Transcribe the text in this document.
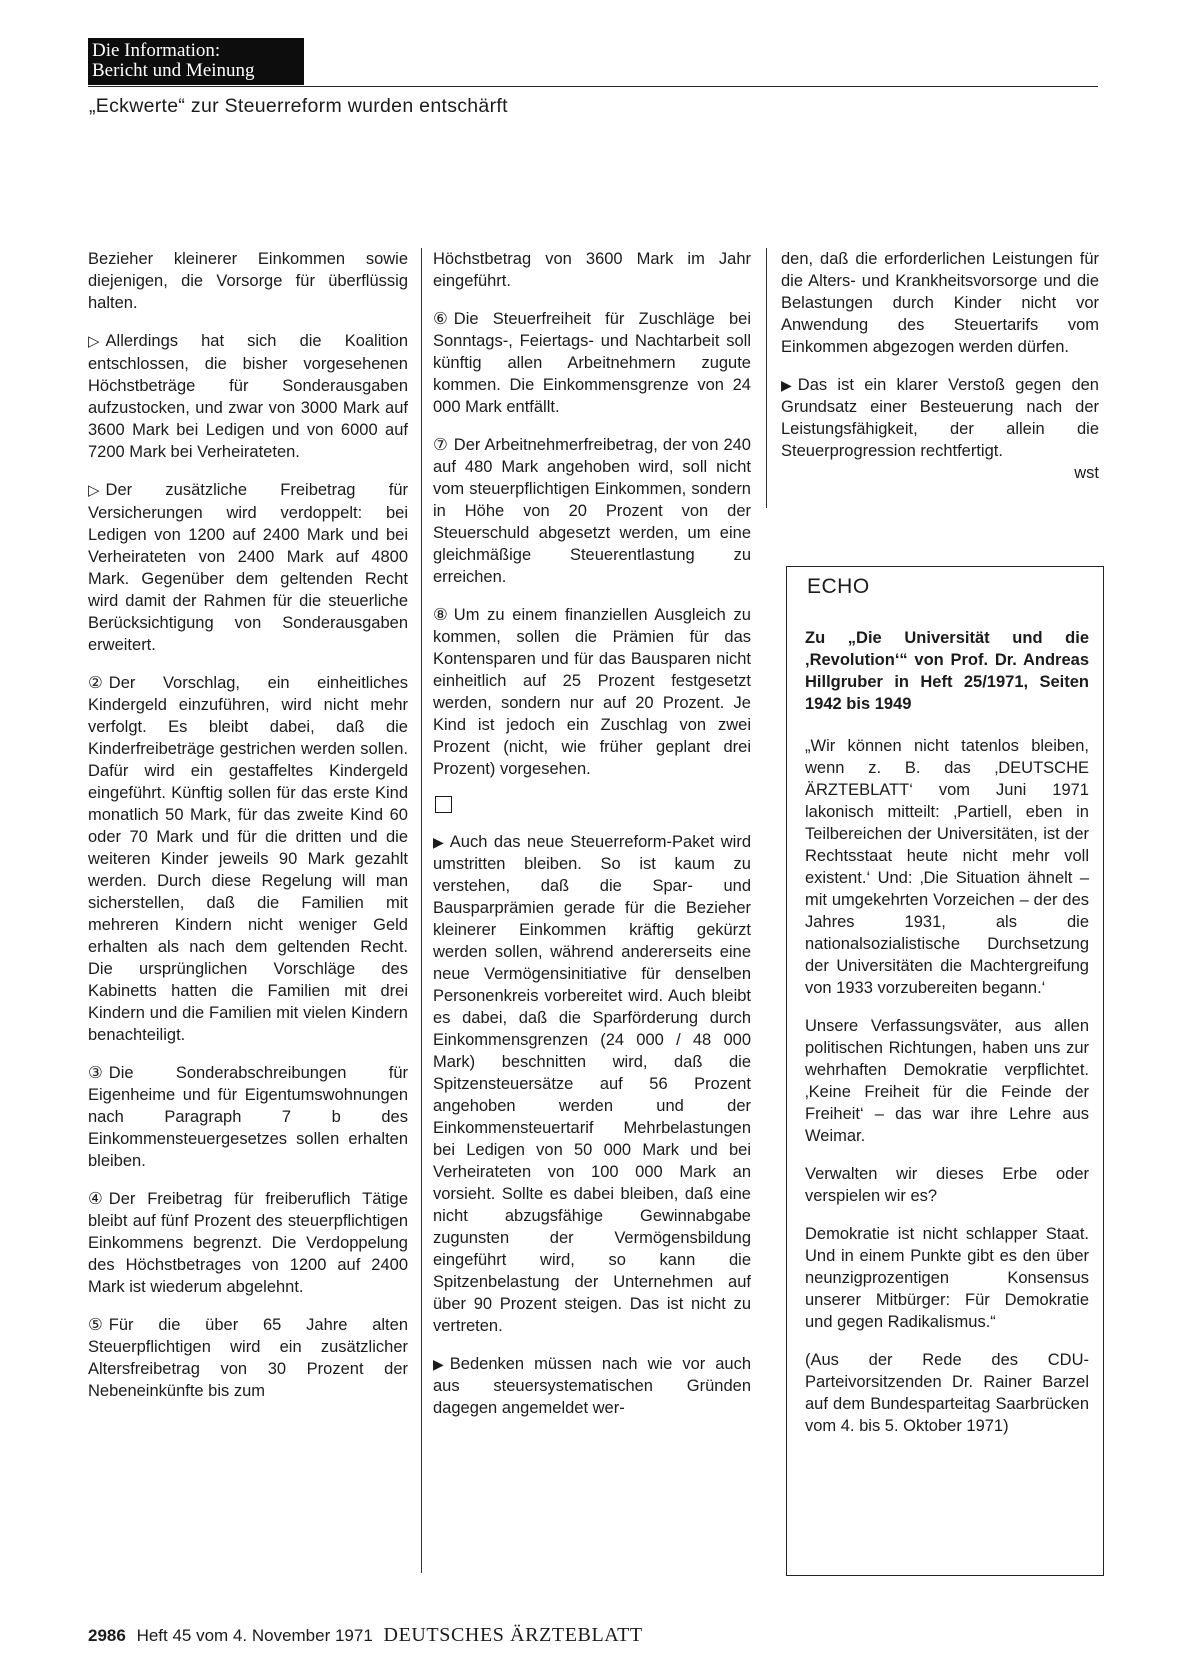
Die Information:
Bericht und Meinung
„Eckwerte“ zur Steuerreform wurden entschärft

Bezieher kleinerer Einkommen sowie diejenigen, die Vorsorge für überflüssig halten.

▷ Allerdings hat sich die Koalition entschlossen, die bisher vorgesehenen Höchstbeträge für Sonderausgaben aufzustocken, und zwar von 3000 Mark auf 3600 Mark bei Ledigen und von 6000 auf 7200 Mark bei Verheirateten.

▷ Der zusätzliche Freibetrag für Versicherungen wird verdoppelt: bei Ledigen von 1200 auf 2400 Mark und bei Verheirateten von 2400 Mark auf 4800 Mark. Gegenüber dem geltenden Recht wird damit der Rahmen für die steuerliche Berücksichtigung von Sonderausgaben erweitert.

② Der Vorschlag, ein einheitliches Kindergeld einzuführen, wird nicht mehr verfolgt. Es bleibt dabei, daß die Kinderfreibeträge gestrichen werden sollen. Dafür wird ein gestaffeltes Kindergeld eingeführt. Künftig sollen für das erste Kind monatlich 50 Mark, für das zweite Kind 60 oder 70 Mark und für die dritten und die weiteren Kinder jeweils 90 Mark gezahlt werden. Durch diese Regelung will man sicherstellen, daß die Familien mit mehreren Kindern nicht weniger Geld erhalten als nach dem geltenden Recht. Die ursprünglichen Vorschläge des Kabinetts hatten die Familien mit drei Kindern und die Familien mit vielen Kindern benachteiligt.

③ Die Sonderabschreibungen für Eigenheime und für Eigentumswohnungen nach Paragraph 7 b des Einkommensteuergesetzes sollen erhalten bleiben.

④ Der Freibetrag für freiberuflich Tätige bleibt auf fünf Prozent des steuerpflichtigen Einkommens begrenzt. Die Verdoppelung des Höchstbetrages von 1200 auf 2400 Mark ist wiederum abgelehnt.

⑤ Für die über 65 Jahre alten Steuerpflichtigen wird ein zusätzlicher Altersfreibetrag von 30 Prozent der Nebeneinkünfte bis zum

Höchstbetrag von 3600 Mark im Jahr eingeführt.

⑥ Die Steuerfreiheit für Zuschläge bei Sonntags-, Feiertags- und Nachtarbeit soll künftig allen Arbeitnehmern zugute kommen. Die Einkommensgrenze von 24 000 Mark entfällt.

⑦ Der Arbeitnehmerfreibetrag, der von 240 auf 480 Mark angehoben wird, soll nicht vom steuerpflichtigen Einkommen, sondern in Höhe von 20 Prozent von der Steuerschuld abgesetzt werden, um eine gleichmäßige Steuerentlastung zu erreichen.

⑧ Um zu einem finanziellen Ausgleich zu kommen, sollen die Prämien für das Kontensparen und für das Bausparen nicht einheitlich auf 25 Prozent festgesetzt werden, sondern nur auf 20 Prozent. Je Kind ist jedoch ein Zuschlag von zwei Prozent (nicht, wie früher geplant drei Prozent) vorgesehen.

▶ Auch das neue Steuerreform-Paket wird umstritten bleiben. So ist kaum zu verstehen, daß die Spar- und Bausparprämien gerade für die Bezieher kleinerer Einkommen kräftig gekürzt werden sollen, während andererseits eine neue Vermögensinitiative für denselben Personenkreis vorbereitet wird. Auch bleibt es dabei, daß die Sparförderung durch Einkommensgrenzen (24 000 / 48 000 Mark) beschnitten wird, daß die Spitzensteuersätze auf 56 Prozent angehoben werden und der Einkommensteuertarif Mehrbelastungen bei Ledigen von 50 000 Mark und bei Verheirateten von 100 000 Mark an vorsieht. Sollte es dabei bleiben, daß eine nicht abzugsfähige Gewinnabgabe zugunsten der Vermögensbildung eingeführt wird, so kann die Spitzenbelastung der Unternehmen auf über 90 Prozent steigen. Das ist nicht zu vertreten.

▶ Bedenken müssen nach wie vor auch aus steuersystematischen Gründen dagegen angemeldet wer-

den, daß die erforderlichen Leistungen für die Alters- und Krankheitsvorsorge und die Belastungen durch Kinder nicht vor Anwendung des Steuertarifs vom Einkommen abgezogen werden dürfen.

▶ Das ist ein klarer Verstoß gegen den Grundsatz einer Besteuerung nach der Leistungsfähigkeit, der allein die Steuerprogression rechtfertigt.

wst
ECHO
Zu „Die Universität und die ‚Revolution‘“ von Prof. Dr. Andreas Hillgruber in Heft 25/1971, Seiten 1942 bis 1949

„Wir können nicht tatenlos bleiben, wenn z. B. das ‚DEUTSCHE ÄRZTEBLATT‘ vom Juni 1971 lakonisch mitteilt: ‚Partiell, eben in Teilbereichen der Universitäten, ist der Rechtsstaat heute nicht mehr voll existent.‘ Und: ‚Die Situation ähnelt – mit umgekehrten Vorzeichen – der des Jahres 1931, als die nationalsozialistische Durchsetzung der Universitäten die Machtergreifung von 1933 vorzubereiten begann.‘

Unsere Verfassungsväter, aus allen politischen Richtungen, haben uns zur wehrhaften Demokratie verpflichtet. ‚Keine Freiheit für die Feinde der Freiheit‘ – das war ihre Lehre aus Weimar.

Verwalten wir dieses Erbe oder verspielen wir es?

Demokratie ist nicht schlapper Staat. Und in einem Punkte gibt es den über neunzigprozentigen Konsensus unserer Mitbürger: Für Demokratie und gegen Radikalismus.“

(Aus der Rede des CDU-Parteivorsitzenden Dr. Rainer Barzel auf dem Bundesparteitag Saarbrücken vom 4. bis 5. Oktober 1971)

2986 Heft 45 vom 4. November 1971 DEUTSCHES ÄRZTEBLATT
